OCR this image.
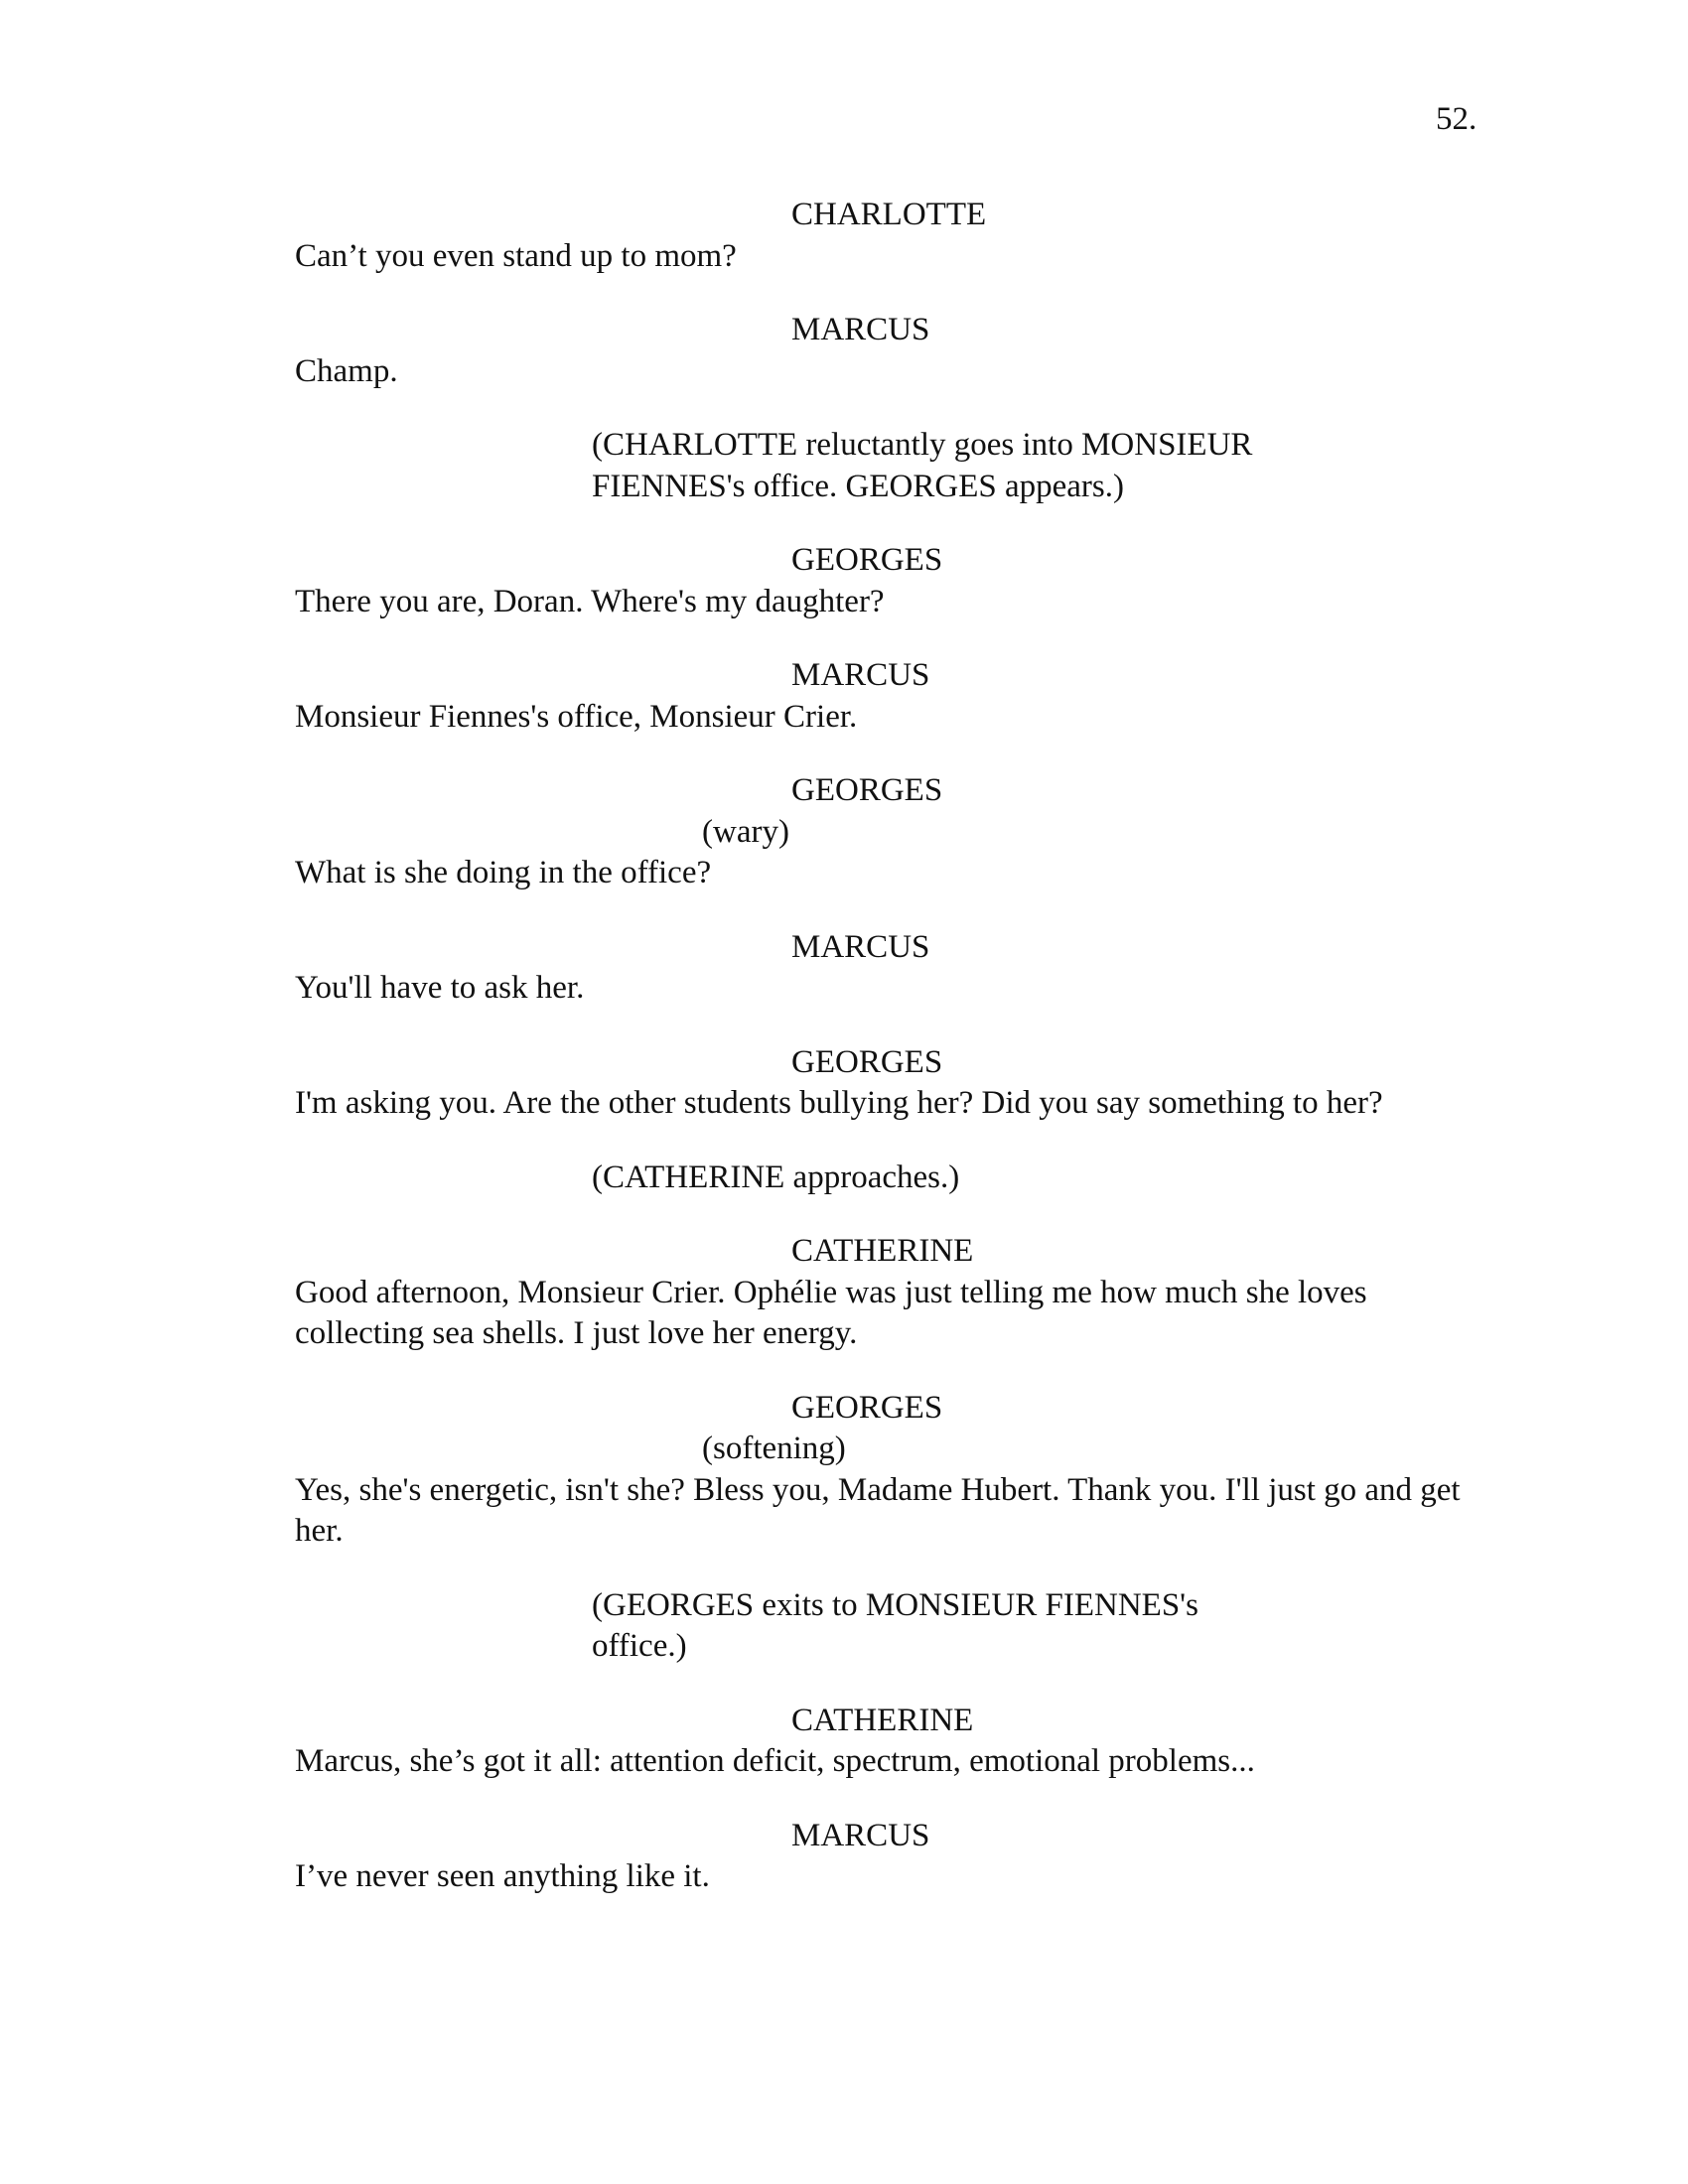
52.

CHARLOTTE

Can’t you even stand up to mom?

MARCUS

Champ.

(CHARLOTTE reluctantly goes into MONSIEUR FIENNES's office. GEORGES appears.)

GEORGES

There you are, Doran. Where's my daughter?

MARCUS

Monsieur Fiennes's office, Monsieur Crier.

GEORGES

(wary)

What is she doing in the office?

MARCUS

You'll have to ask her.

GEORGES

I'm asking you. Are the other students bullying her? Did you say something to her?

(CATHERINE approaches.)

CATHERINE

Good afternoon, Monsieur Crier. Ophélie was just telling me how much she loves collecting sea shells. I just love her energy.

GEORGES

(softening)

Yes, she's energetic, isn't she? Bless you, Madame Hubert. Thank you. I'll just go and get her.

(GEORGES exits to MONSIEUR FIENNES's office.)

CATHERINE

Marcus, she’s got it all: attention deficit, spectrum, emotional problems...

MARCUS

I’ve never seen anything like it.
